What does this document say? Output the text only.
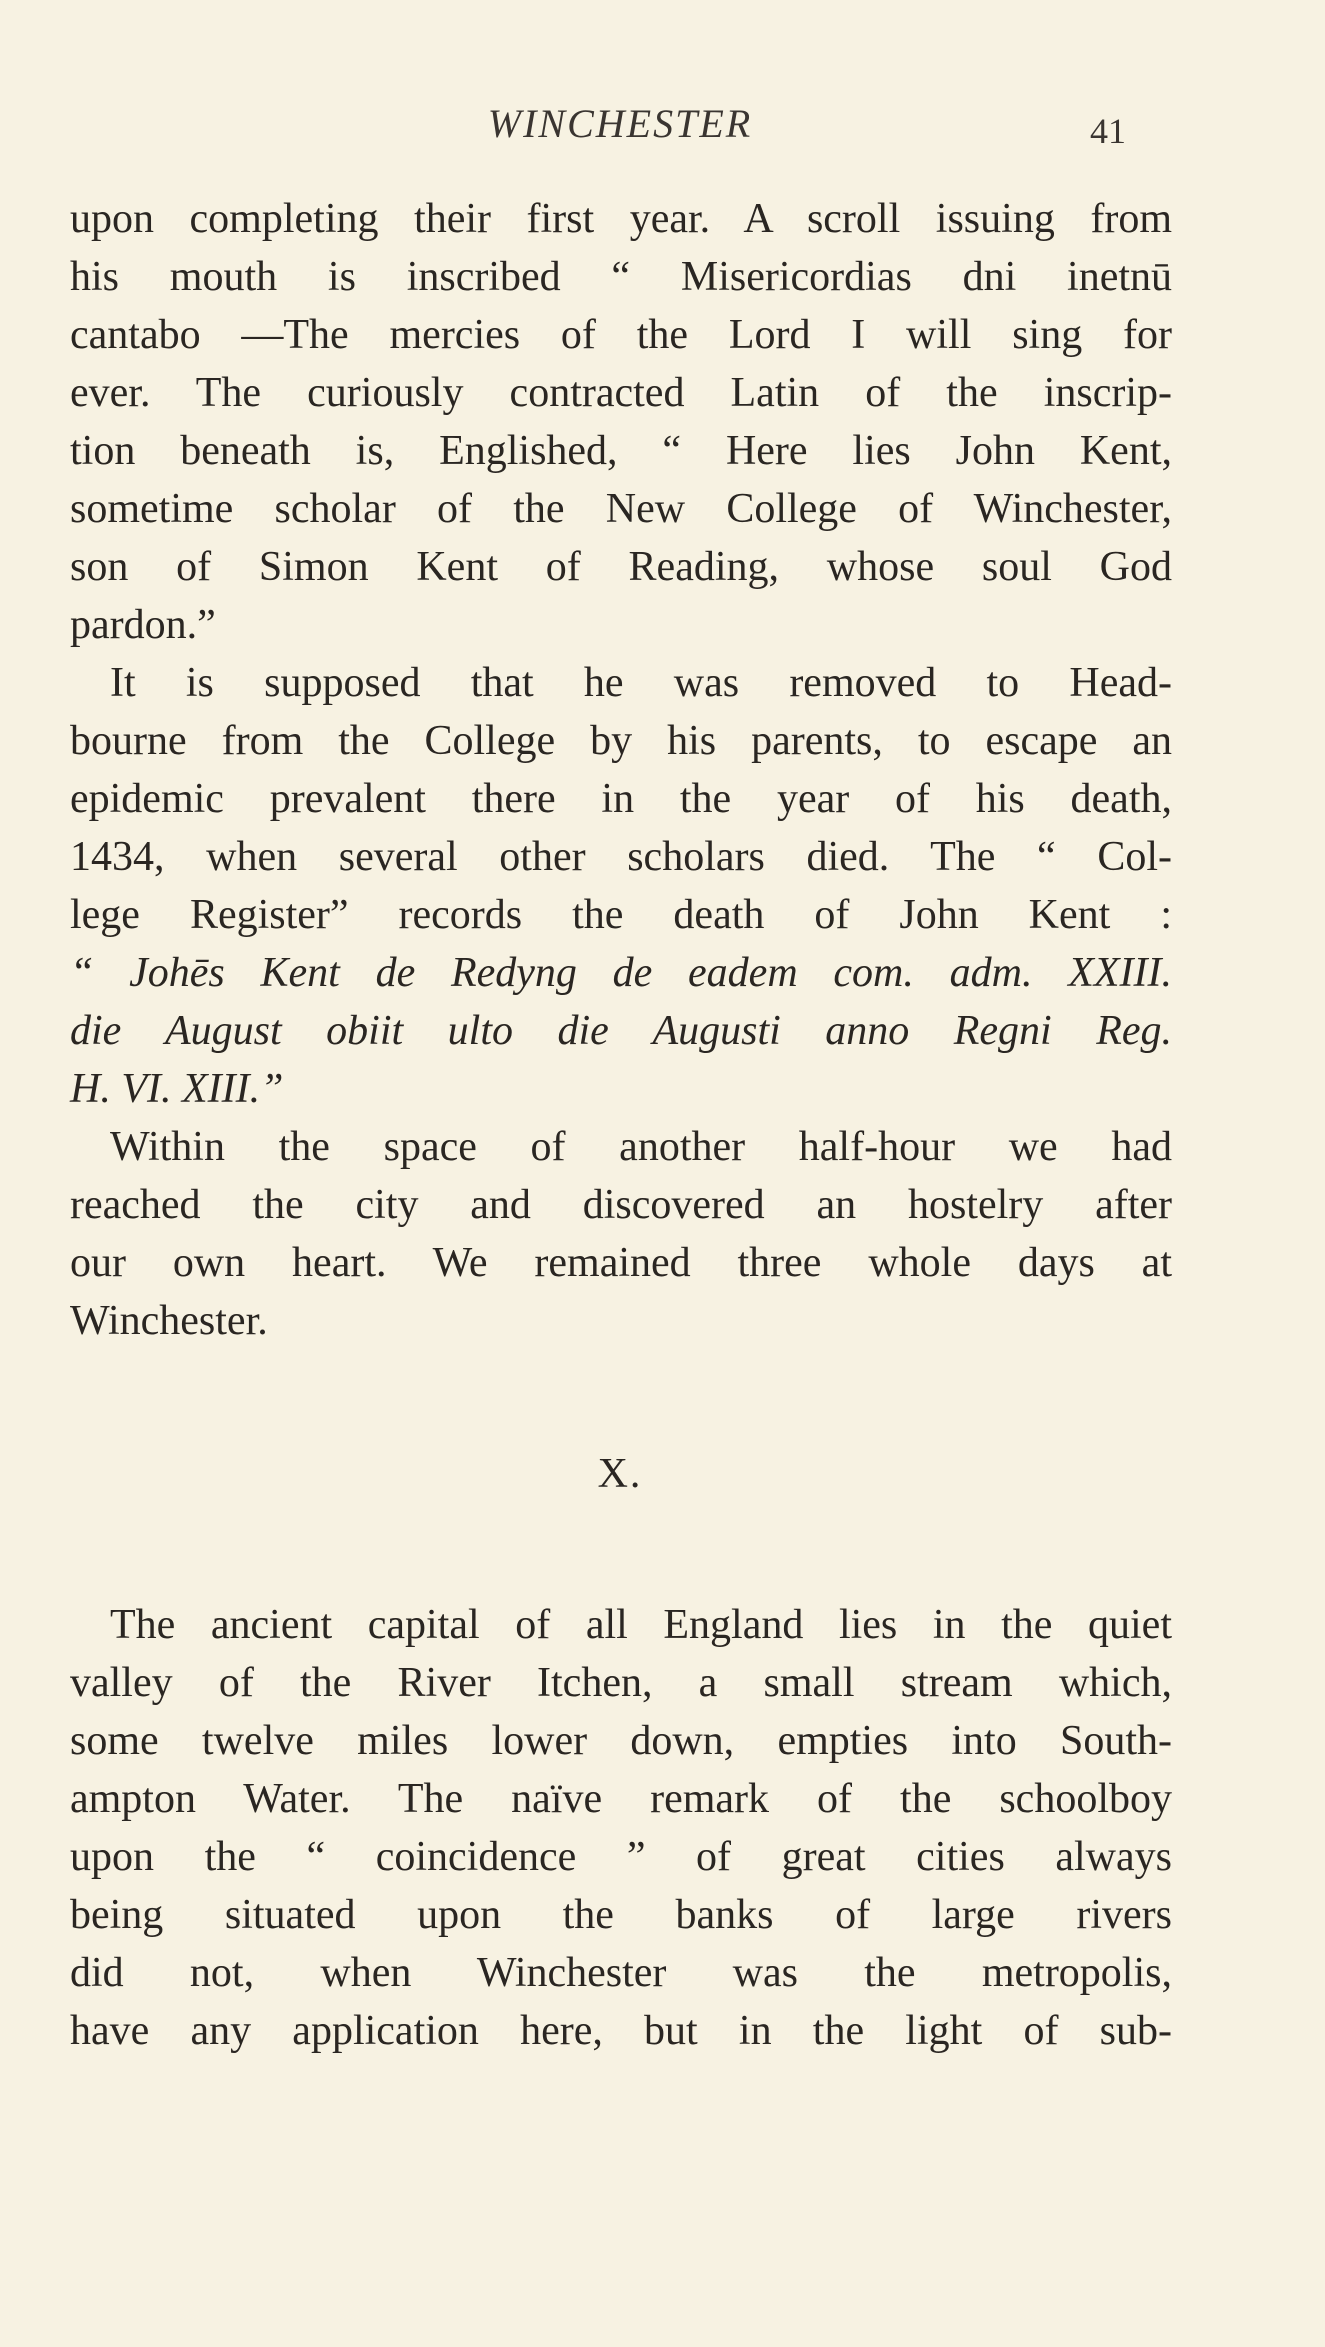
WINCHESTER	41
upon completing their first year. A scroll issuing from
his mouth is inscribed “ Misericordias dni inetnū
cantabo —The mercies of the Lord I will sing for
ever. The curiously contracted Latin of the inscrip-
tion beneath is, Englished, “ Here lies John Kent,
sometime scholar of the New College of Winchester,
son of Simon Kent of Reading, whose soul God
pardon.”
It is supposed that he was removed to Head-
bourne from the College by his parents, to escape an
epidemic prevalent there in the year of his death,
1434, when several other scholars died. The “ Col-
lege Register” records the death of John Kent :
“ Johēs Kent de Redyng de eadem com. adm. XXIII.
die August obiit ulto die Augusti anno Regni Reg.
H. VI. XIII.”
Within the space of another half-hour we had
reached the city and discovered an hostelry after
our own heart. We remained three whole days at
Winchester.
X.
The ancient capital of all England lies in the quiet
valley of the River Itchen, a small stream which,
some twelve miles lower down, empties into South-
ampton Water. The naïve remark of the schoolboy
upon the “ coincidence ” of great cities always
being situated upon the banks of large rivers
did not, when Winchester was the metropolis,
have any application here, but in the light of sub-
